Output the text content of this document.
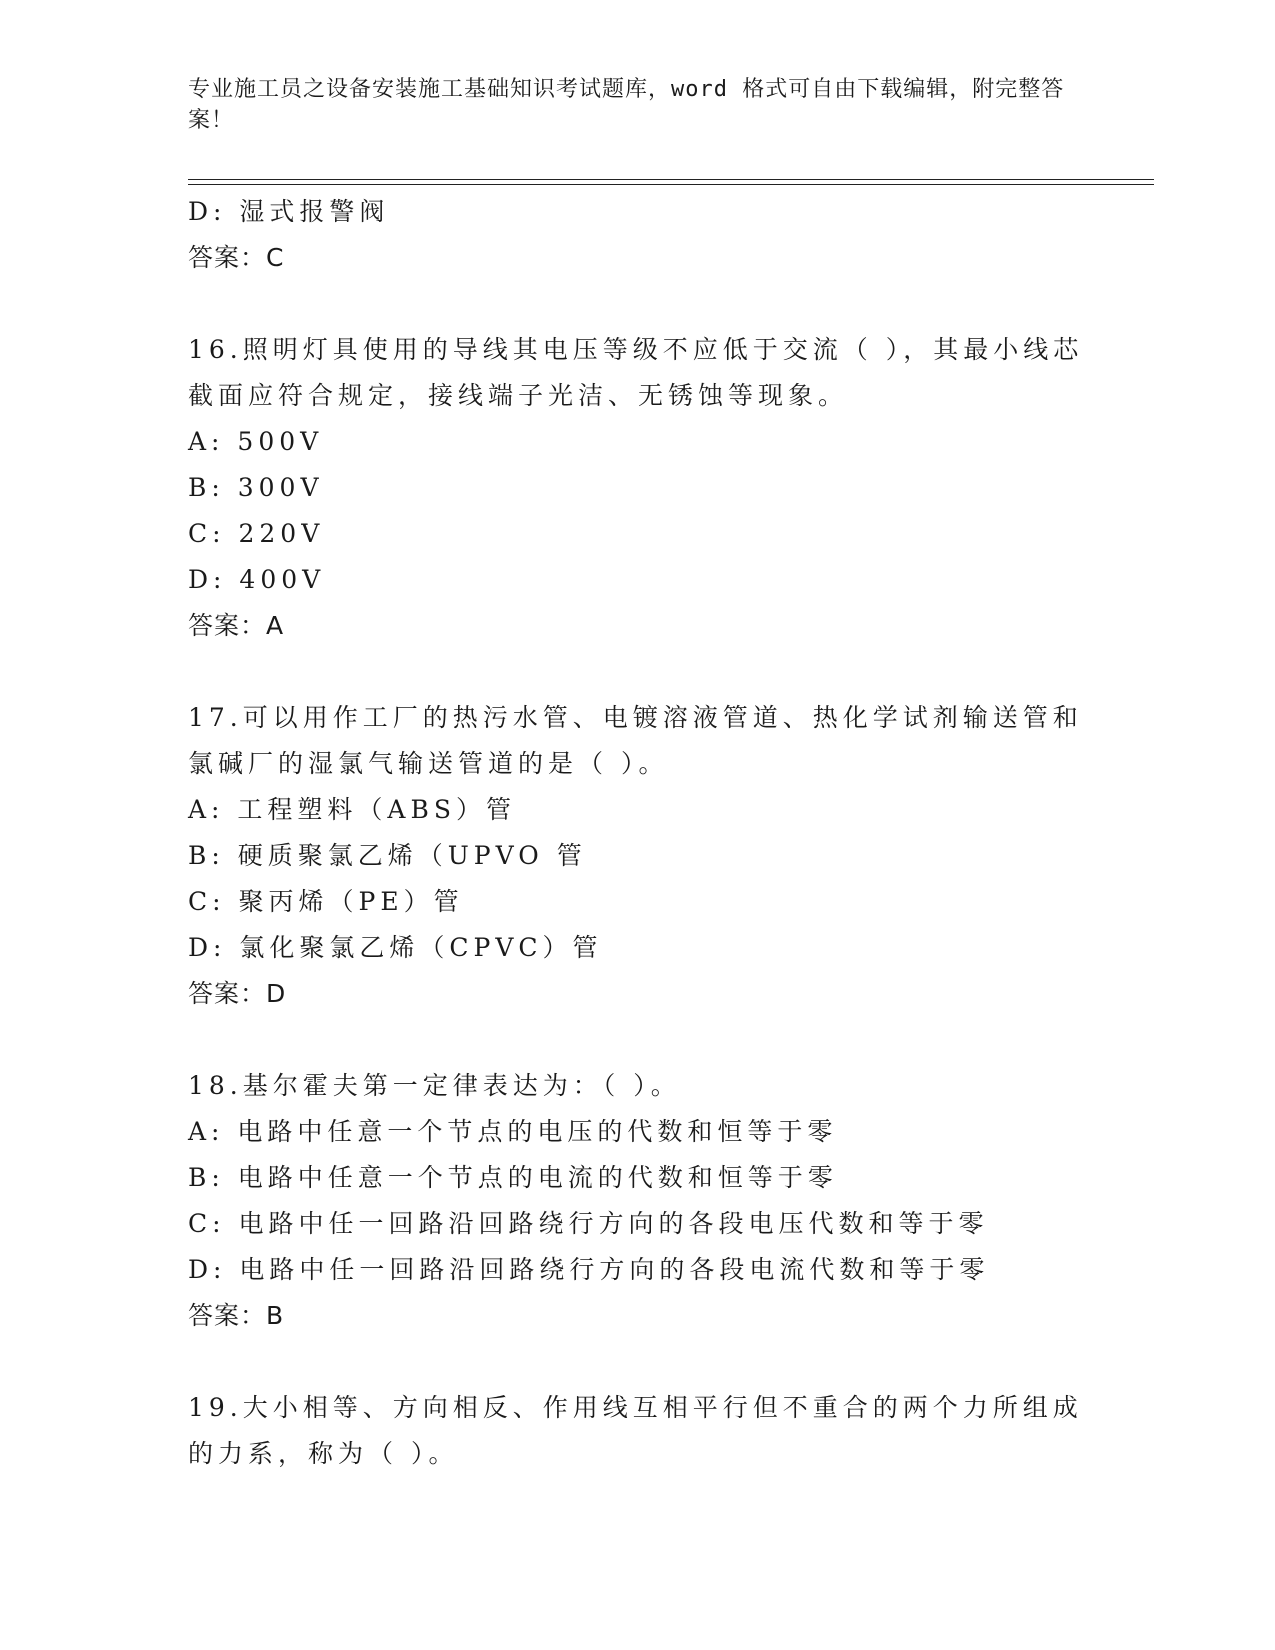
专业施工员之设备安装施工基础知识考试题库，word 格式可自由下载编辑，附完整答案！
D: 湿式报警阀
答案：C
16.照明灯具使用的导线其电压等级不应低于交流（ ），其最小线芯截面应符合规定，接线端子光洁、无锈蚀等现象。
A: 500V
B: 300V
C: 220V
D: 400V
答案：A
17.可以用作工厂的热污水管、电镀溶液管道、热化学试剂输送管和氯碱厂的湿氯气输送管道的是（ ）。
A: 工程塑料（ABS）管
B: 硬质聚氯乙烯（UPVO 管
C: 聚丙烯（PE）管
D: 氯化聚氯乙烯（CPVC）管
答案：D
18.基尔霍夫第一定律表达为：（ ）。
A: 电路中任意一个节点的电压的代数和恒等于零
B: 电路中任意一个节点的电流的代数和恒等于零
C: 电路中任一回路沿回路绕行方向的各段电压代数和等于零
D: 电路中任一回路沿回路绕行方向的各段电流代数和等于零
答案：B
19.大小相等、方向相反、作用线互相平行但不重合的两个力所组成的力系，称为（ ）。
